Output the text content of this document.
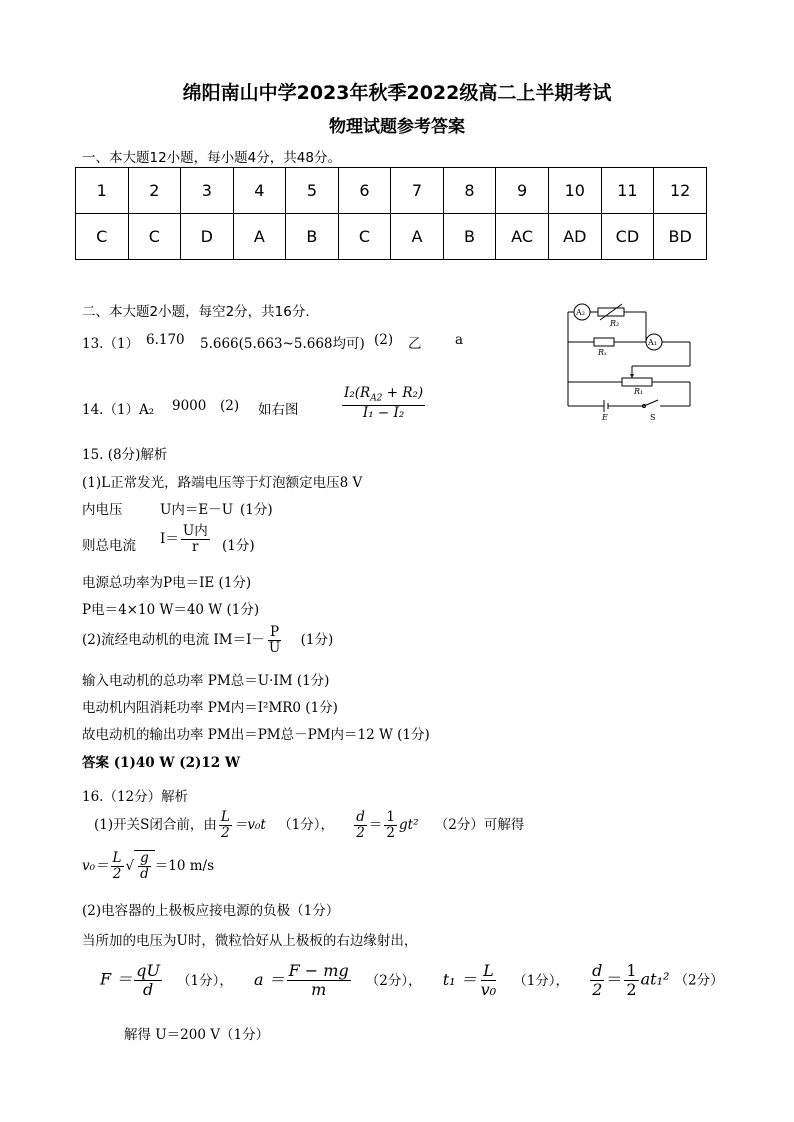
绵阳南山中学2023年秋季2022级高二上半期考试
物理试题参考答案
一、本大题12小题，每小题4分，共48分。
1	2	3	4	5	6	7	8	9	10	11	12
C	C	D	A	B	C	A	B	AC	AD	CD	BD
二、本大题2小题，每空2分，共16分.
13.（1） 6.170 5.666(5.663~5.668均可) (2) 乙 a
14.（1）A₂ 9000 (2) 如右图	$\frac{I_2(R_{A2} + R_2)}{\text{I₁ − I₂}}$
A₂
R₂
A₁
Rₓ
R₁
E	S
15. (8分)解析
(1)L正常发光，路端电压等于灯泡额定电压8 V
内电压	U内＝E－U (1分)
则总电流 $I= \frac{\text{U内}}{r} (1$分)
电源总功率为P电＝IE (1分)
P电＝4×10 W＝40 W (1分)
(2)流经电动机的电流 $IM=I- \frac{P}{U} (1$分)
输入电动机的总功率 PM总＝U·IM (1分)
电动机内阻消耗功率 PM内＝I²MR0 (1分)
故电动机的输出功率 PM出＝PM总－PM内＝12 W (1分)
答案 (1)40 W (2)12 W
16.（12分）解析
(1)开关S闭合前，由 $\frac{L}{2} =v_0t$ （1分）， $\frac{d}{2} = \frac{1}{2} gt^2$ （2分）可解得
$v_0= \frac{L}{2}$ √ $\frac{g}{d} =10$ m/s
(2)电容器的上极板应接电源的负极（1分）
当所加的电压为U时，微粒恰好从上极板的右边缘射出，
$F = \frac{qU}{d} (1$分）， $a = \frac{F - mg}{m} (2$分）， $t_1 = \frac{L}{\text{v₀}} (1$分）， $\frac{d}{2} = \frac{1}{2} at_1^2$ （2分）
解得 U＝200 V（1分）
